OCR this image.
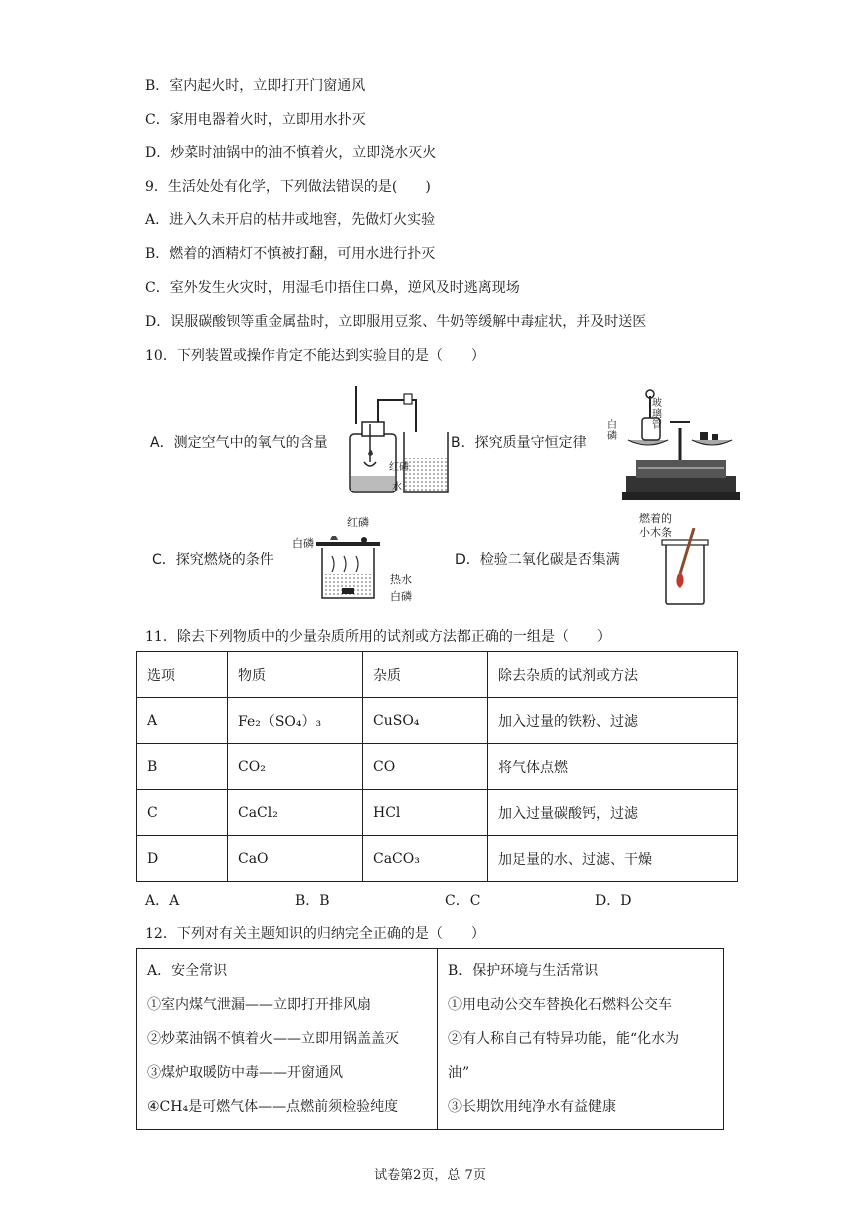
B．室内起火时，立即打开门窗通风
C．家用电器着火时，立即用水扑灭
D．炒菜时油锅中的油不慎着火，立即浇水灭火
9．生活处处有化学，下列做法错误的是(　　)
A．进入久未开启的枯井或地窖，先做灯火实验
B．燃着的酒精灯不慎被打翻，可用水进行扑灭
C．室外发生火灾时，用湿毛巾捂住口鼻，逆风及时逃离现场
D．误服碳酸钡等重金属盐时，立即服用豆浆、牛奶等缓解中毒症状，并及时送医
10．下列装置或操作肯定不能达到实验目的是（　　）
A．测定空气中的氧气的含量
红磷
水
B．探究质量守恒定律
白磷
玻璃管
C．探究燃烧的条件
红磷
白磷
热水
白磷
D．检验二氧化碳是否集满
燃着的
小木条
11．除去下列物质中的少量杂质所用的试剂或方法都正确的一组是（　　）
选项	物质	杂质	除去杂质的试剂或方法
A	Fe₂（SO₄）₃	CuSO₄	加入过量的铁粉、过滤
B	CO₂	CO	将气体点燃
C	CaCl₂	HCl	加入过量碳酸钙，过滤
D	CaO	CaCO₃	加足量的水、过滤、干燥
A．A	B．B	C．C	D．D
12．下列对有关主题知识的归纳完全正确的是（　　）
A．安全常识
①室内煤气泄漏——立即打开排风扇
②炒菜油锅不慎着火——立即用锅盖盖灭
③煤炉取暖防中毒——开窗通风
④CH₄是可燃气体——点燃前须检验纯度

B．保护环境与生活常识
①用电动公交车替换化石燃料公交车
②有人称自己有特异功能，能“化水为
油”
③长期饮用纯净水有益健康
试卷第2页，总 7页
